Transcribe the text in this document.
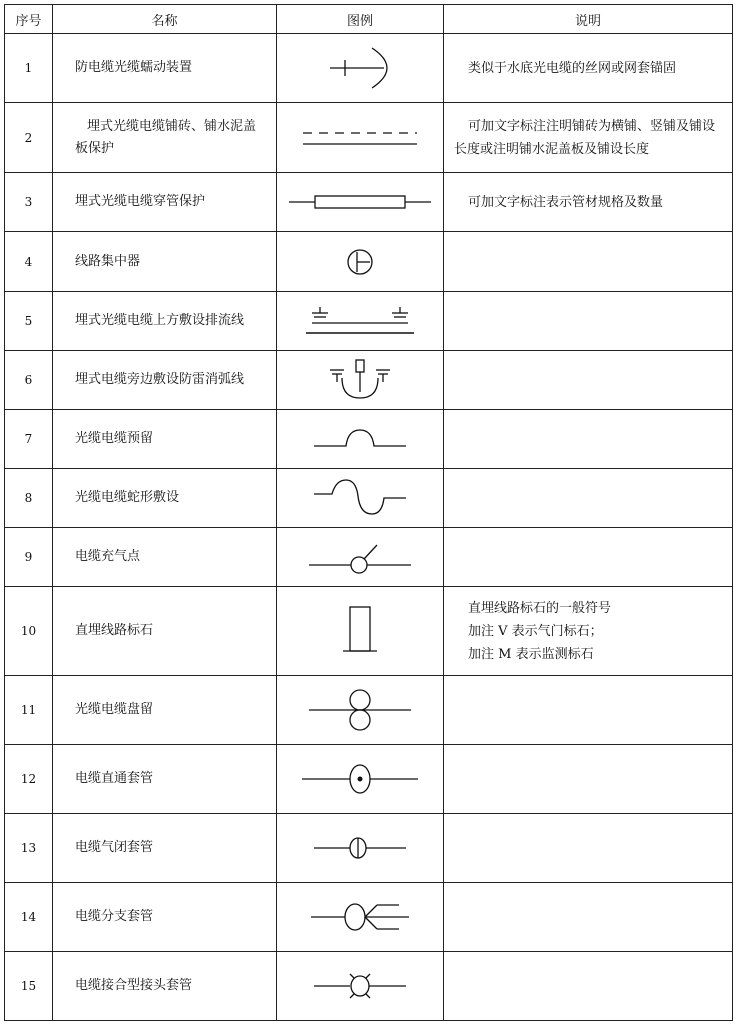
序号	名称	图例	说明
1	防电缆光缆蠕动装置		类似于水底光电缆的丝网或网套锚固

2	埋式光缆电缆铺砖、铺水泥盖板保护		可加文字标注注明铺砖为横铺、竖铺及铺设长度或注明铺水泥盖板及铺设长度

3	埋式光缆电缆穿管保护		可加文字标注表示管材规格及数量

4	线路集中器

5	埋式光缆电缆上方敷设排流线

6	埋式电缆旁边敷设防雷消弧线

7	光缆电缆预留

8	光缆电缆蛇形敷设

9	电缆充气点

10	直埋线路标石		直埋线路标石的一般符号
加注 V 表示气门标石；
加注 M 表示监测标石

11	光缆电缆盘留

12	电缆直通套管

13	电缆气闭套管

14	电缆分支套管

15	电缆接合型接头套管
